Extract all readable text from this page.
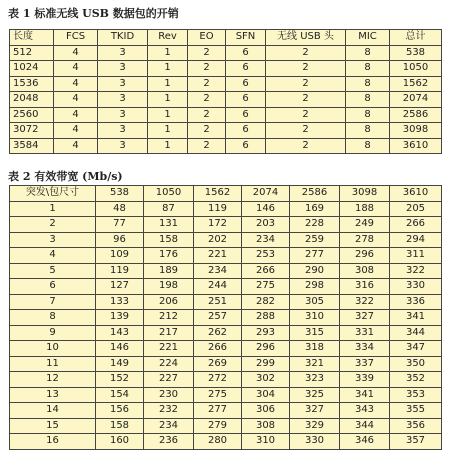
表 1 标准无线 USB 数据包的开销
长度	FCS	TKID	Rev	EO	SFN	无线 USB 头	MIC	总计
512	4	3	1	2	6	2	8	538
1024	4	3	1	2	6	2	8	1050
1536	4	3	1	2	6	2	8	1562
2048	4	3	1	2	6	2	8	2074
2560	4	3	1	2	6	2	8	2586
3072	4	3	1	2	6	2	8	3098
3584	4	3	1	2	6	2	8	3610
表 2 有效带宽 (Mb/s)
突发\包尺寸	538	1050	1562	2074	2586	3098	3610
1	48	87	119	146	169	188	205
2	77	131	172	203	228	249	266
3	96	158	202	234	259	278	294
4	109	176	221	253	277	296	311
5	119	189	234	266	290	308	322
6	127	198	244	275	298	316	330
7	133	206	251	282	305	322	336
8	139	212	257	288	310	327	341
9	143	217	262	293	315	331	344
10	146	221	266	296	318	334	347
11	149	224	269	299	321	337	350
12	152	227	272	302	323	339	352
13	154	230	275	304	325	341	353
14	156	232	277	306	327	343	355
15	158	234	279	308	329	344	356
16	160	236	280	310	330	346	357
